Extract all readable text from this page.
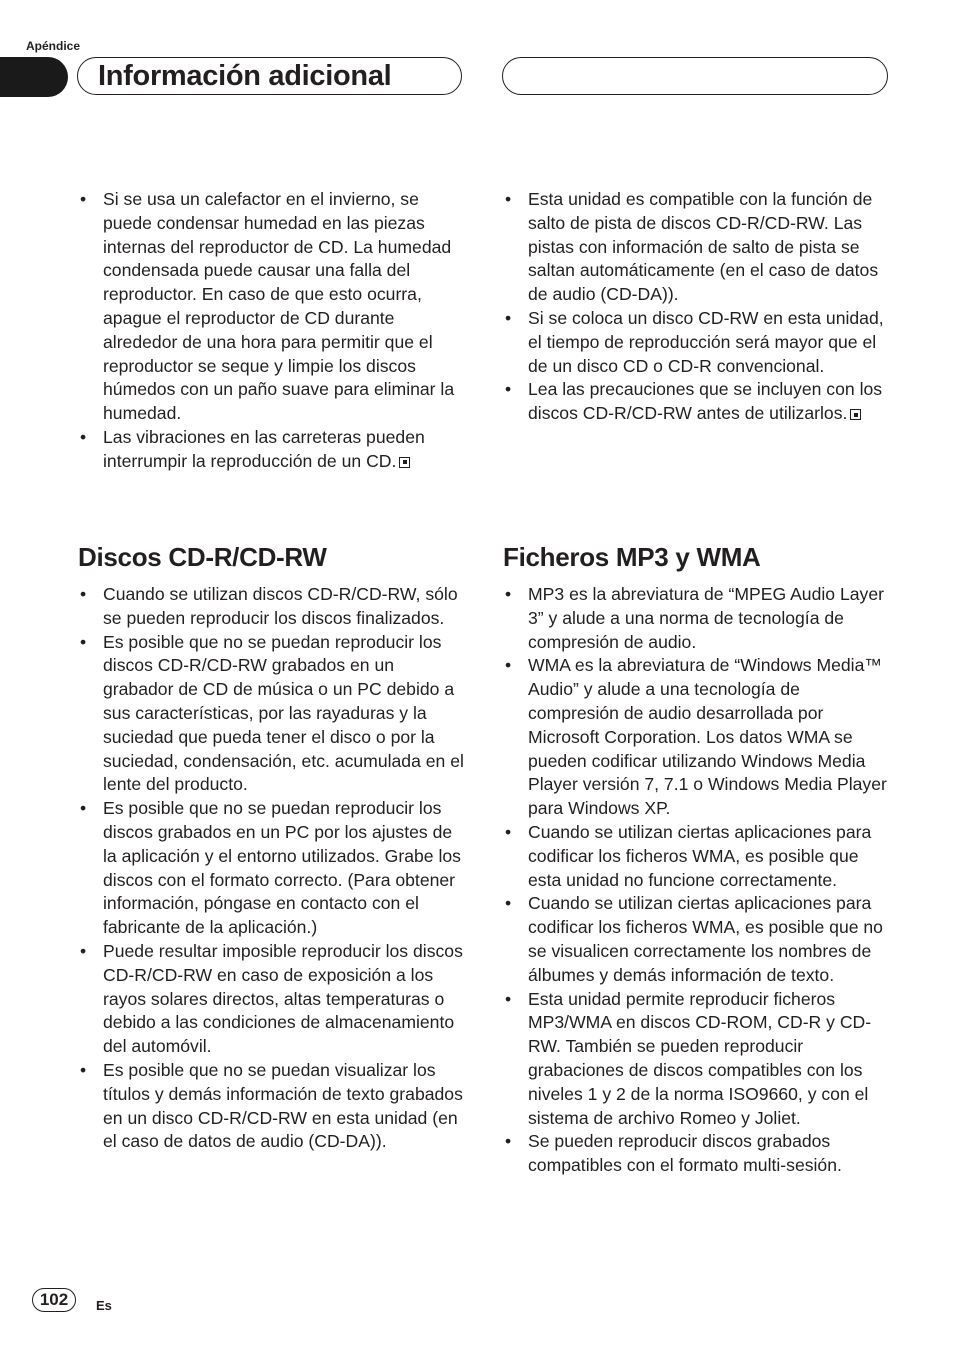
Apéndice
Información adicional
• Si se usa un calefactor en el invierno, se puede condensar humedad en las piezas internas del reproductor de CD. La humedad condensada puede causar una falla del reproductor. En caso de que esto ocurra, apague el reproductor de CD durante alrededor de una hora para permitir que el reproductor se seque y limpie los discos húmedos con un paño suave para eliminar la humedad.
• Las vibraciones en las carreteras pueden interrumpir la reproducción de un CD.
• Esta unidad es compatible con la función de salto de pista de discos CD-R/CD-RW. Las pistas con información de salto de pista se saltan automáticamente (en el caso de datos de audio (CD-DA)).
• Si se coloca un disco CD-RW en esta unidad, el tiempo de reproducción será mayor que el de un disco CD o CD-R convencional.
• Lea las precauciones que se incluyen con los discos CD-R/CD-RW antes de utilizarlos.
Discos CD-R/CD-RW
• Cuando se utilizan discos CD-R/CD-RW, sólo se pueden reproducir los discos finalizados.
• Es posible que no se puedan reproducir los discos CD-R/CD-RW grabados en un grabador de CD de música o un PC debido a sus características, por las rayaduras y la suciedad que pueda tener el disco o por la suciedad, condensación, etc. acumulada en el lente del producto.
• Es posible que no se puedan reproducir los discos grabados en un PC por los ajustes de la aplicación y el entorno utilizados. Grabe los discos con el formato correcto. (Para obtener información, póngase en contacto con el fabricante de la aplicación.)
• Puede resultar imposible reproducir los discos CD-R/CD-RW en caso de exposición a los rayos solares directos, altas temperaturas o debido a las condiciones de almacenamiento del automóvil.
• Es posible que no se puedan visualizar los títulos y demás información de texto grabados en un disco CD-R/CD-RW en esta unidad (en el caso de datos de audio (CD-DA)).
Ficheros MP3 y WMA
• MP3 es la abreviatura de “MPEG Audio Layer 3” y alude a una norma de tecnología de compresión de audio.
• WMA es la abreviatura de “Windows Media™ Audio” y alude a una tecnología de compresión de audio desarrollada por Microsoft Corporation. Los datos WMA se pueden codificar utilizando Windows Media Player versión 7, 7.1 o Windows Media Player para Windows XP.
• Cuando se utilizan ciertas aplicaciones para codificar los ficheros WMA, es posible que esta unidad no funcione correctamente.
• Cuando se utilizan ciertas aplicaciones para codificar los ficheros WMA, es posible que no se visualicen correctamente los nombres de álbumes y demás información de texto.
• Esta unidad permite reproducir ficheros MP3/WMA en discos CD-ROM, CD-R y CD-RW. También se pueden reproducir grabaciones de discos compatibles con los niveles 1 y 2 de la norma ISO9660, y con el sistema de archivo Romeo y Joliet.
• Se pueden reproducir discos grabados compatibles con el formato multi-sesión.
102	Es
